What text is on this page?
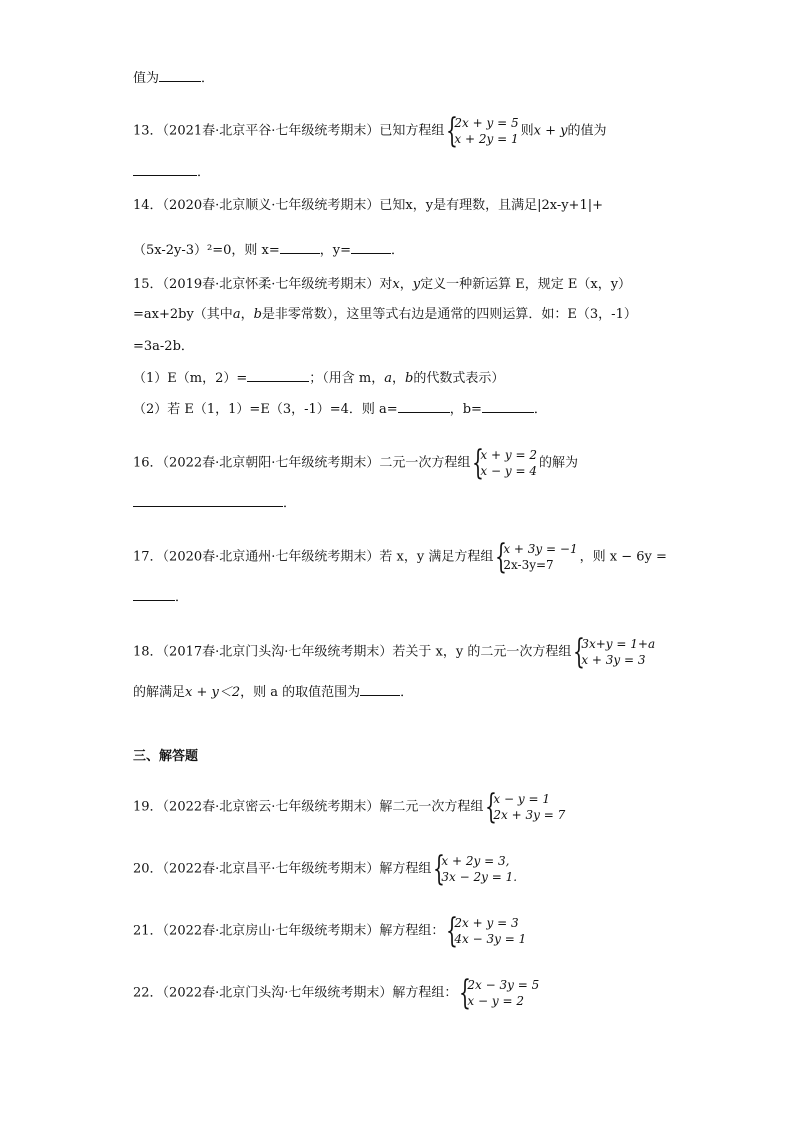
值为	．
13．（2021春·北京平谷·七年级统考期末）已知方程组 {
2x + y = 5
x + 2y = 1
则x + y的值为
．
14．（2020春·北京顺义·七年级统考期末）已知x，y是有理数，且满足|2x-y+1|+
（5x-2y-3）²=0，则 x=	，y=	．
15．（2019春·北京怀柔·七年级统考期末）对x，y定义一种新运算 E，规定 E（x，y）
=ax+2by（其中a，b是非零常数），这里等式右边是通常的四则运算．如：E（3，-1）
=3a-2b．
（1）E（m，2）=	；（用含 m，a，b的代数式表示）
（2）若 E（1，1）=E（3，-1）=4．则 a=	，b=	．
16．（2022春·北京朝阳·七年级统考期末）二元一次方程组 {
x + y = 2
x − y = 4
的解为
．
17．（2020春·北京通州·七年级统考期末）若 x，y 满足方程组 {
x + 3y = −1
2x-3y=7
，则 x − 6y =
．
18．（2017春·北京门头沟·七年级统考期末）若关于 x，y 的二元一次方程组 {
3x+y = 1+a
x + 3y = 3
的解满足x + y＜2，则 a 的取值范围为	．
三、解答题
19．（2022春·北京密云·七年级统考期末）解二元一次方程组 {
x − y = 1
2x + 3y = 7
20．（2022春·北京昌平·七年级统考期末）解方程组 {
x + 2y = 3,
3x − 2y = 1.
21．（2022春·北京房山·七年级统考期末）解方程组： {
2x + y = 3
4x − 3y = 1
22．（2022春·北京门头沟·七年级统考期末）解方程组： {
2x − 3y = 5
x − y = 2
